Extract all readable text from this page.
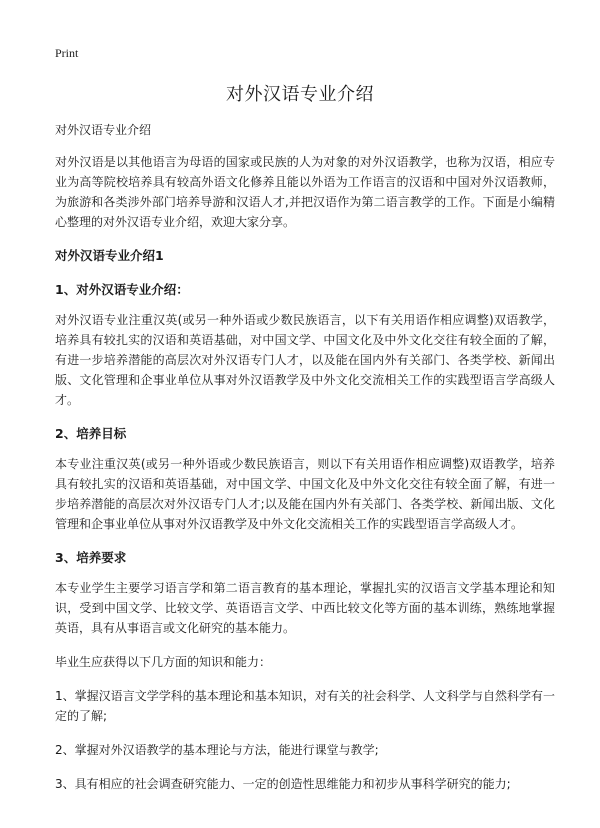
Print
对外汉语专业介绍

对外汉语专业介绍

对外汉语是以其他语言为母语的国家或民族的人为对象的对外汉语教学，也称为汉语，相应专业为高等院校培养具有较高外语文化修养且能以外语为工作语言的汉语和中国对外汉语教师，为旅游和各类涉外部门培养导游和汉语人才,并把汉语作为第二语言教学的工作。下面是小编精心整理的对外汉语专业介绍，欢迎大家分享。

对外汉语专业介绍1
1、对外汉语专业介绍：

对外汉语专业注重汉英(或另一种外语或少数民族语言，以下有关用语作相应调整)双语教学，培养具有较扎实的汉语和英语基础，对中国文学、中国文化及中外文化交往有较全面的了解，有进一步培养潜能的高层次对外汉语专门人才，以及能在国内外有关部门、各类学校、新闻出版、文化管理和企事业单位从事对外汉语教学及中外文化交流相关工作的实践型语言学高级人才。

2、培养目标

本专业注重汉英(或另一种外语或少数民族语言，则以下有关用语作相应调整)双语教学，培养具有较扎实的汉语和英语基础，对中国文学、中国文化及中外文化交往有较全面了解，有进一步培养潜能的高层次对外汉语专门人才;以及能在国内外有关部门、各类学校、新闻出版、文化管理和企事业单位从事对外汉语教学及中外文化交流相关工作的实践型语言学高级人才。

3、培养要求

本专业学生主要学习语言学和第二语言教育的基本理论，掌握扎实的汉语言文学基本理论和知识，受到中国文学、比较文学、英语语言文学、中西比较文化等方面的基本训练，熟练地掌握英语，具有从事语言或文化研究的基本能力。

毕业生应获得以下几方面的知识和能力：

1、掌握汉语言文学学科的基本理论和基本知识，对有关的社会科学、人文科学与自然科学有一定的了解;

2、掌握对外汉语教学的基本理论与方法，能进行课堂与教学;

3、具有相应的社会调查研究能力、一定的创造性思维能力和初步从事科学研究的能力;
